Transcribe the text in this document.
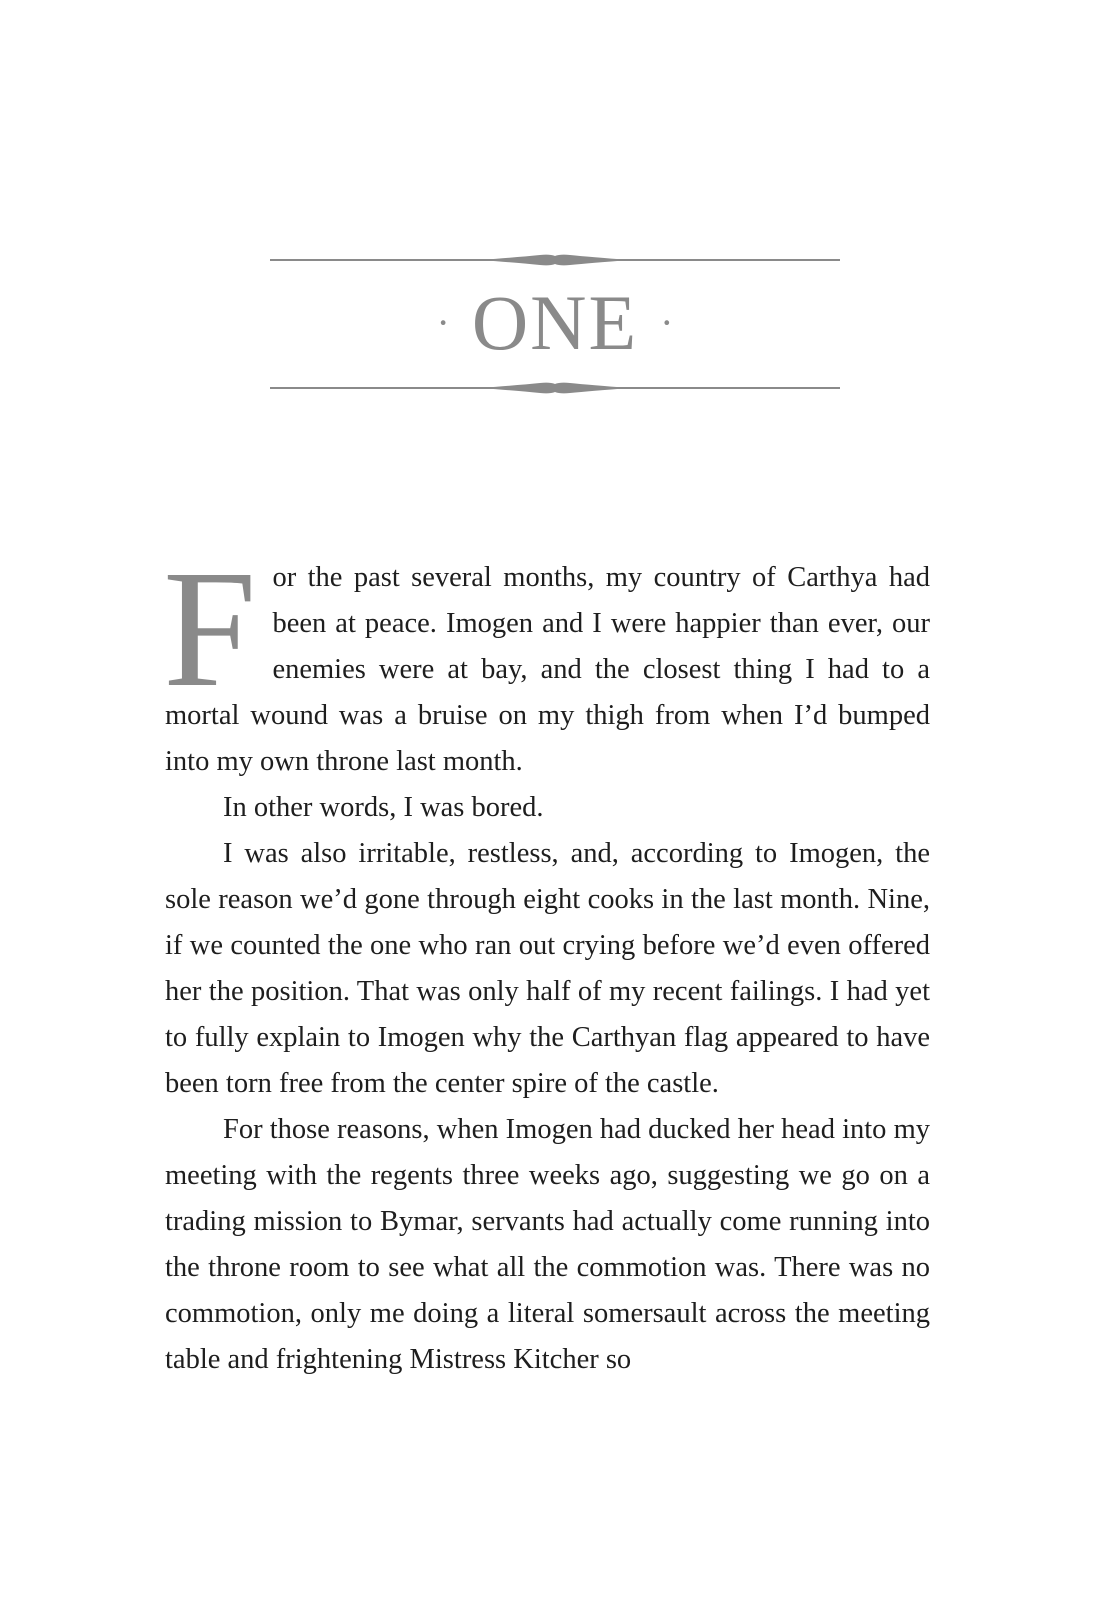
· ONE ·

For the past several months, my country of Carthya had been at peace. Imogen and I were happier than ever, our enemies were at bay, and the closest thing I had to a mortal wound was a bruise on my thigh from when I’d bumped into my own throne last month.

In other words, I was bored.

I was also irritable, restless, and, according to Imogen, the sole reason we’d gone through eight cooks in the last month. Nine, if we counted the one who ran out crying before we’d even offered her the position. That was only half of my recent failings. I had yet to fully explain to Imogen why the Carthyan flag appeared to have been torn free from the center spire of the castle.

For those reasons, when Imogen had ducked her head into my meeting with the regents three weeks ago, suggesting we go on a trading mission to Bymar, servants had actually come running into the throne room to see what all the commotion was. There was no commotion, only me doing a literal somersault across the meeting table and frightening Mistress Kitcher so
